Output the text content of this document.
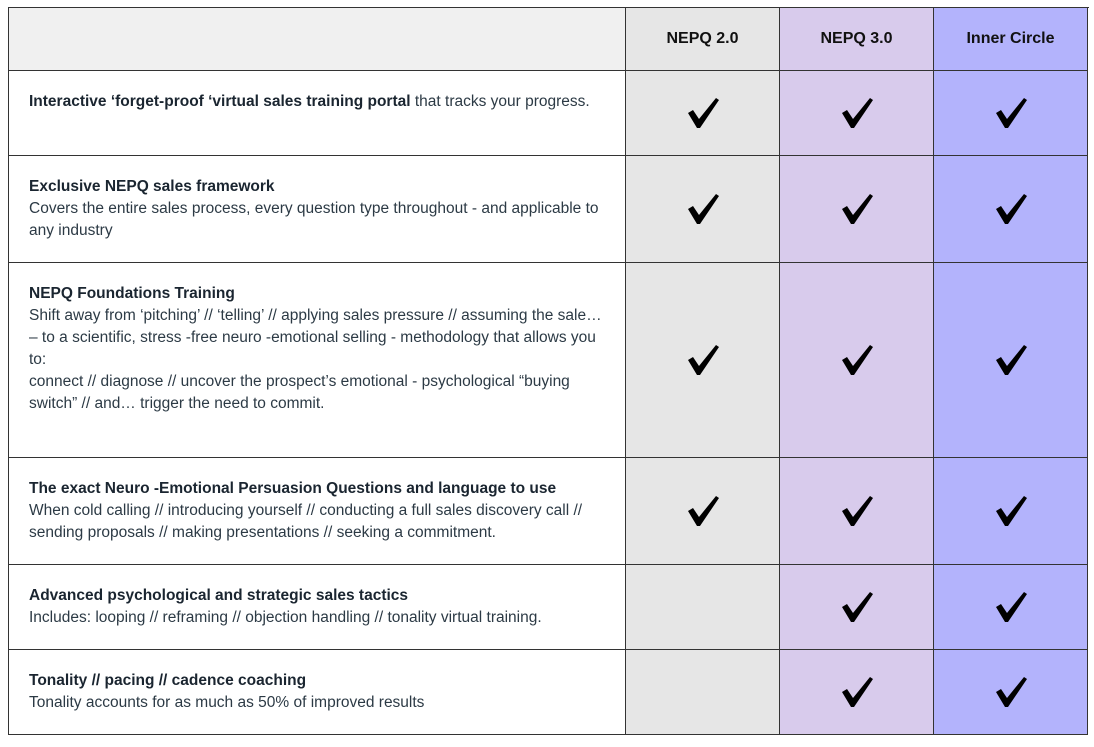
NEPQ 2.0	NEPQ 3.0	Inner Circle
Interactive ‘forget-proof ‘virtual sales training portal that tracks your progress.
Exclusive NEPQ sales framework
Covers the entire sales process, every question type throughout - and applicable to any industry
NEPQ Foundations Training
Shift away from ‘pitching’ // ‘telling’ // applying sales pressure // assuming the sale…
– to a scientific, stress -free neuro -emotional selling - methodology that allows you to:
connect // diagnose // uncover the prospect’s emotional - psychological “buying switch” // and… trigger the need to commit.
The exact Neuro -Emotional Persuasion Questions and language to use
When cold calling // introducing yourself // conducting a full sales discovery call // sending proposals // making presentations // seeking a commitment.
Advanced psychological and strategic sales tactics
Includes: looping // reframing // objection handling // tonality virtual training.
Tonality // pacing // cadence coaching
Tonality accounts for as much as 50% of improved results
